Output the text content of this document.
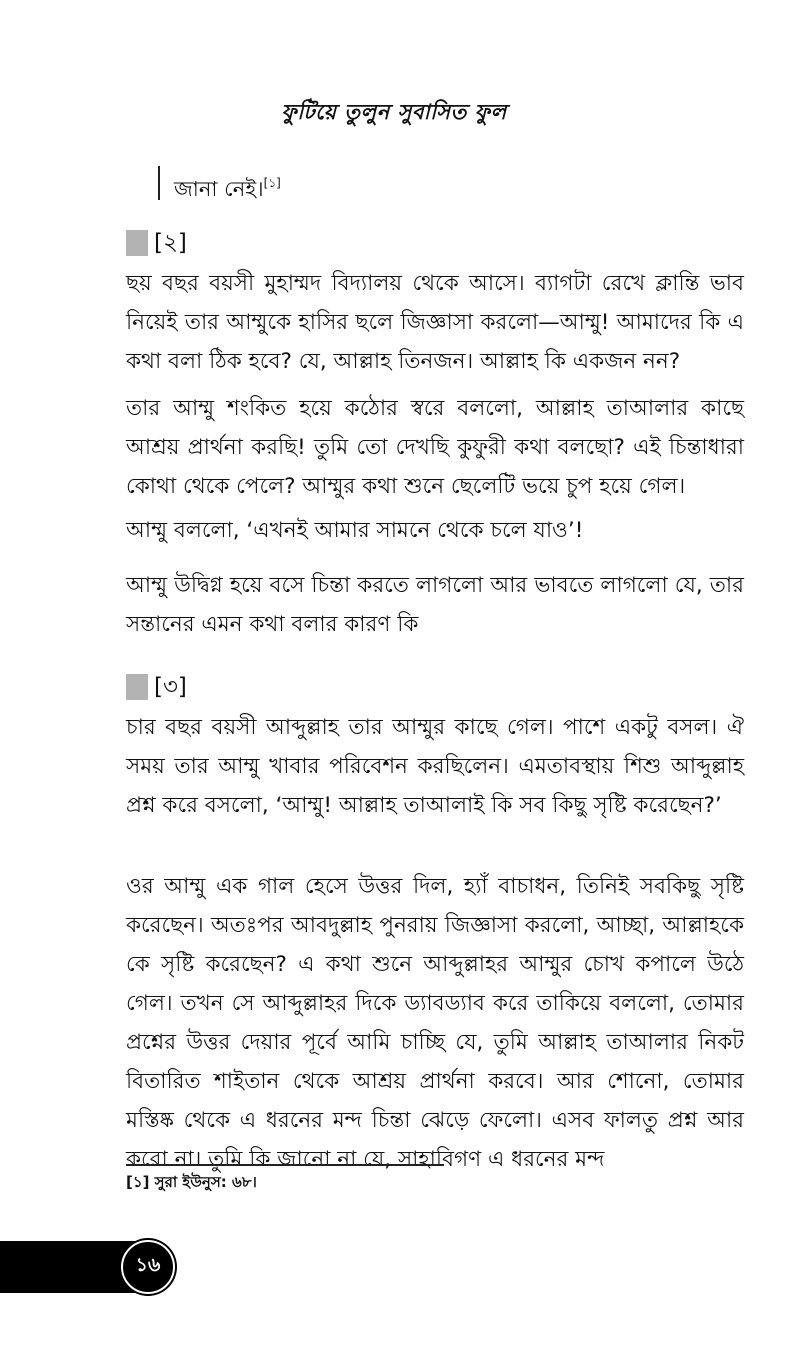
ফুটিয়ে তুলুন সুবাসিত ফুল
জানা নেই।[১]
[২]

ছয় বছর বয়সী মুহাম্মদ বিদ্যালয় থেকে আসে। ব্যাগটা রেখে ক্লান্তি ভাব নিয়েই তার আম্মুকে হাসির ছলে জিজ্ঞাসা করলো—আম্মু! আমাদের কি এ কথা বলা ঠিক হবে? যে, আল্লাহ তিনজন। আল্লাহ কি একজন নন?

তার আম্মু শংকিত হয়ে কঠোর স্বরে বললো, আল্লাহ তাআলার কাছে আশ্রয় প্রার্থনা করছি! তুমি তো দেখছি কুফুরী কথা বলছো? এই চিন্তাধারা কোথা থেকে পেলে? আম্মুর কথা শুনে ছেলেটি ভয়ে চুপ হয়ে গেল।

আম্মু বললো, ‘এখনই আমার সামনে থেকে চলে যাও’!

আম্মু উদ্বিগ্ন হয়ে বসে চিন্তা করতে লাগলো আর ভাবতে লাগলো যে, তার সন্তানের এমন কথা বলার কারণ কি

[৩]

চার বছর বয়সী আব্দুল্লাহ তার আম্মুর কাছে গেল। পাশে একটু বসল। ঐ সময় তার আম্মু খাবার পরিবেশন করছিলেন। এমতাবস্থায় শিশু আব্দুল্লাহ প্রশ্ন করে বসলো, ‘আম্মু! আল্লাহ তাআলাই কি সব কিছু সৃষ্টি করেছেন?’

ওর আম্মু এক গাল হেসে উত্তর দিল, হ্যাঁ বাচাধন, তিনিই সবকিছু সৃষ্টি করেছেন। অতঃপর আবদুল্লাহ পুনরায় জিজ্ঞাসা করলো, আচ্ছা, আল্লাহকে কে সৃষ্টি করেছেন? এ কথা শুনে আব্দুল্লাহর আম্মুর চোখ কপালে উঠে গেল। তখন সে আব্দুল্লাহর দিকে ড্যাবড্যাব করে তাকিয়ে বললো, তোমার প্রশ্নের উত্তর দেয়ার পূর্বে আমি চাচ্ছি যে, তুমি আল্লাহ তাআলার নিকট বিতারিত শাইতান থেকে আশ্রয় প্রার্থনা করবে। আর শোনো, তোমার মস্তিষ্ক থেকে এ ধরনের মন্দ চিন্তা ঝেড়ে ফেলো। এসব ফালতু প্রশ্ন আর করো না। তুমি কি জানো না যে, সাহাবিগণ এ ধরনের মন্দ

[১] সুরা ইউনুস: ৬৮।
১৬
